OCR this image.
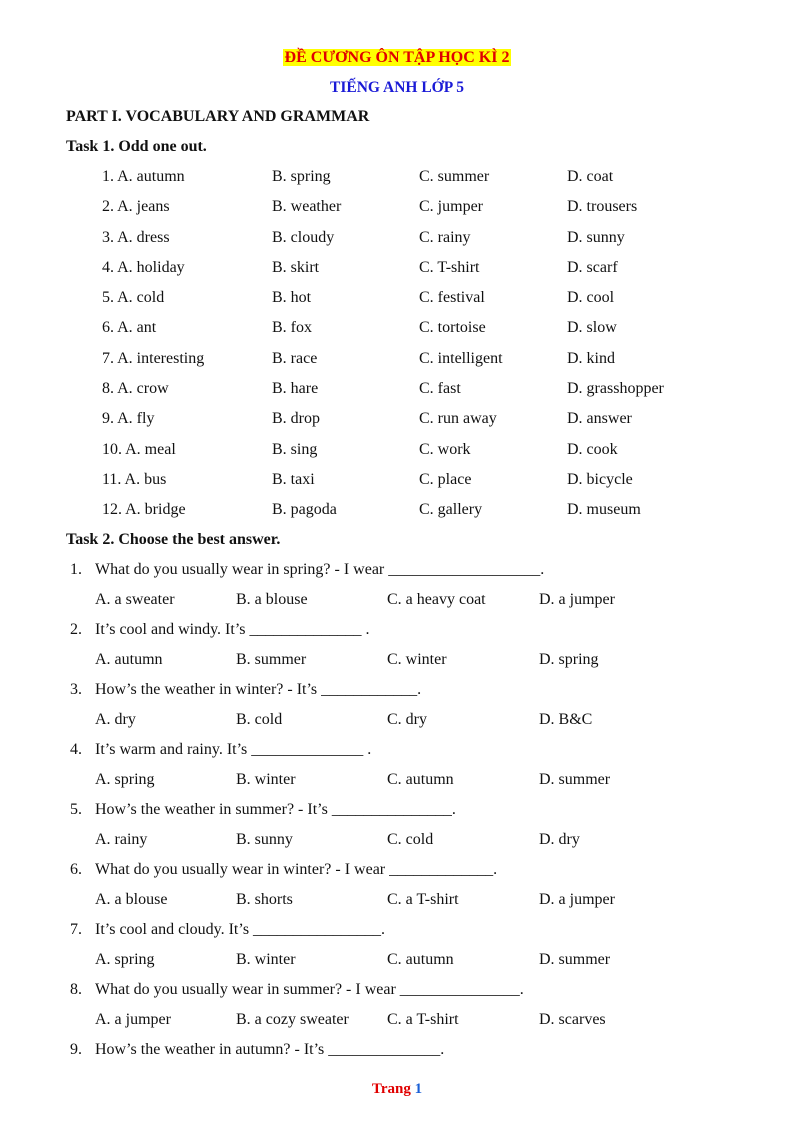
ĐỀ CƯƠNG ÔN TẬP HỌC KÌ 2
TIẾNG ANH LỚP 5
PART I. VOCABULARY AND GRAMMAR
Task 1. Odd one out.
1. A. autumn	B. spring	C. summer	D. coat
2. A. jeans	B. weather	C. jumper	D. trousers
3. A. dress	B. cloudy	C. rainy	D. sunny
4. A. holiday	B. skirt	C. T-shirt	D. scarf
5. A. cold	B. hot	C. festival	D. cool
6. A. ant	B. fox	C. tortoise	D. slow
7. A. interesting	B. race	C. intelligent	D. kind
8. A. crow	B. hare	C. fast	D. grasshopper
9. A. fly	B. drop	C. run away	D. answer
10. A. meal	B. sing	C. work	D. cook
11. A. bus	B. taxi	C. place	D. bicycle
12. A. bridge	B. pagoda	C. gallery	D. museum
Task 2. Choose the best answer.
1. What do you usually wear in spring? - I wear ___________________.
A. a sweater	B. a blouse	C. a heavy coat	D. a jumper
2. It’s cool and windy. It’s ______________ .
A. autumn	B. summer	C. winter	D. spring
3. How’s the weather in winter? - It’s ____________.
A. dry	B. cold	C. dry	D. B&C
4. It’s warm and rainy. It’s ______________ .
A. spring	B. winter	C. autumn	D. summer
5. How’s the weather in summer? - It’s _______________.
A. rainy	B. sunny	C. cold	D. dry
6. What do you usually wear in winter? - I wear _____________.
A. a blouse	B. shorts	C. a T-shirt	D. a jumper
7. It’s cool and cloudy. It’s ________________.
A. spring	B. winter	C. autumn	D. summer
8. What do you usually wear in summer? - I wear _______________.
A. a jumper	B. a cozy sweater C. a T-shirt	D. scarves
9. How’s the weather in autumn? - It’s ______________.
Trang 1
